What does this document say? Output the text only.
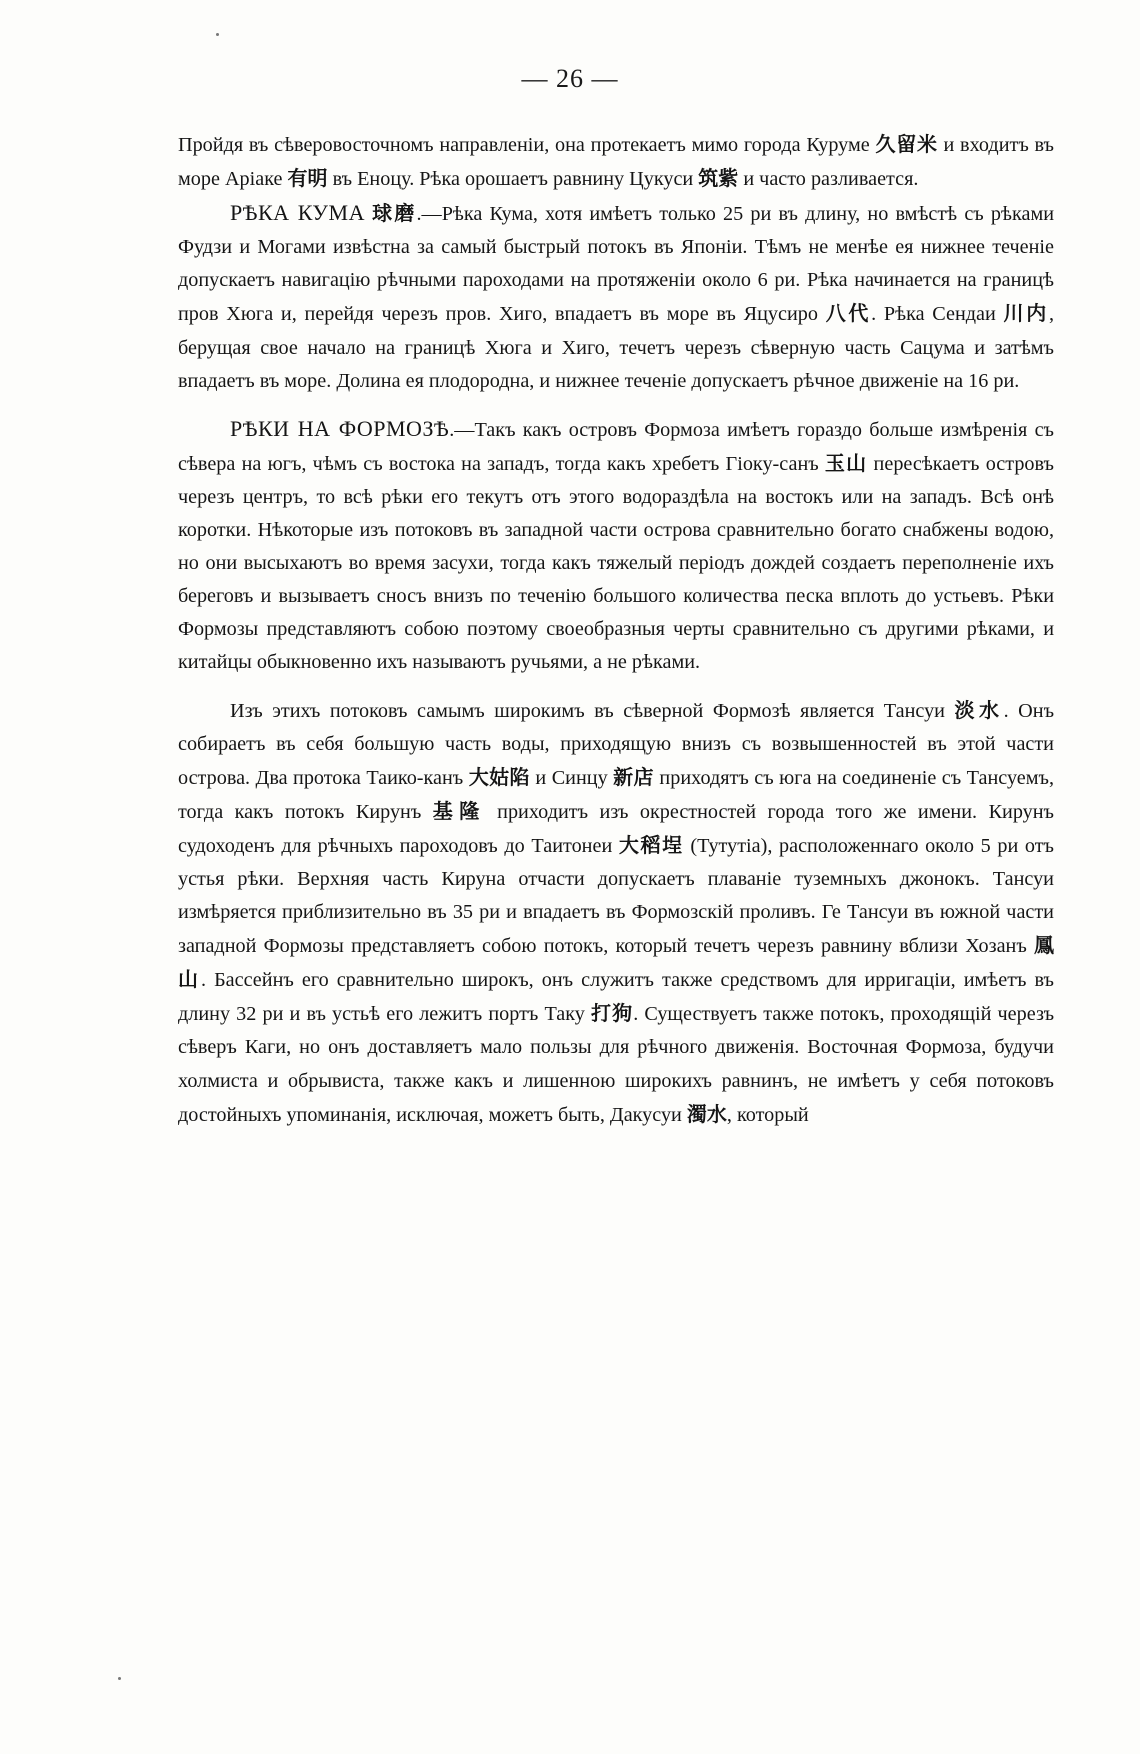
— 26 —

Пройдя въ сѣверовосточномъ направленіи, она протекаетъ мимо города Куруме 久留米 и входитъ въ море Аріаке 有明 въ Еноцу. Рѣка орошаетъ равнину Цукуси 筑紫 и часто разливается.

РѢКА КУМА 球磨.—Рѣка Кума, хотя имѣетъ только 25 ри въ длину, но вмѣстѣ съ рѣками Фудзи и Могами извѣстна за самый быстрый потокъ въ Японіи. Тѣмъ не менѣе ея нижнее теченіе допускаетъ навигацію рѣчными пароходами на протяженіи около 6 ри. Рѣка начинается на границѣ пров Хюга и, перейдя черезъ пров. Хиго, впадаетъ въ море въ Яцусиро 八代. Рѣка Сендаи 川内, берущая свое начало на границѣ Хюга и Хиго, течетъ черезъ сѣверную часть Сацума и затѣмъ впадаетъ въ море. Долина ея плодородна, и нижнее теченіе допускаетъ рѣчное движеніе на 16 ри.

РѢКИ НА ФОРМОЗѢ.—Такъ какъ островъ Формоза имѣетъ гораздо больше измѣренія съ сѣвера на югъ, чѣмъ съ востока на западъ, тогда какъ хребетъ Гіоку-санъ 玉山 пересѣкаетъ островъ черезъ центръ, то всѣ рѣки его текутъ отъ этого водораздѣла на востокъ или на западъ. Всѣ онѣ коротки. Нѣкоторые изъ потоковъ въ западной части острова сравнительно богато снабжены водою, но они высыхаютъ во время засухи, тогда какъ тяжелый періодъ дождей создаетъ переполненіе ихъ береговъ и вызываетъ сносъ внизъ по теченію большого количества песка вплоть до устьевъ. Рѣки Формозы представляютъ собою поэтому своеобразныя черты сравнительно съ другими рѣками, и китайцы обыкновенно ихъ называютъ ручьями, а не рѣками.

Изъ этихъ потоковъ самымъ широкимъ въ сѣверной Формозѣ является Тансуи 淡水. Онъ собираетъ въ себя большую часть воды, приходящую внизъ съ возвышенностей въ этой части острова. Два протока Таико-канъ 大姑陷 и Синцу 新店 приходятъ съ юга на соединеніе съ Тансуемъ, тогда какъ потокъ Кирунъ 基隆 приходитъ изъ окрестностей города того же имени. Кирунъ судоходенъ для рѣчныхъ пароходовъ до Таитонеи 大稻埕 (Тутутіа), расположеннаго около 5 ри отъ устья рѣки. Верхняя часть Кируна отчасти допускаетъ плаваніе туземныхъ джонокъ. Тансуи измѣряется приблизительно въ 35 ри и впадаетъ въ Формозскій проливъ. Ге Тансуи въ южной части западной Формозы представляетъ собою потокъ, который течетъ черезъ равнину вблизи Хозанъ 鳳山. Бассейнъ его сравнительно широкъ, онъ служитъ также средствомъ для ирригаціи, имѣетъ въ длину 32 ри и въ устьѣ его лежитъ портъ Таку 打狗. Существуетъ также потокъ, проходящій черезъ сѣверъ Каги, но онъ доставляетъ мало пользы для рѣчного движенія. Восточная Формоза, будучи холмиста и обрывиста, также какъ и лишенною широкихъ равнинъ, не имѣетъ у себя потоковъ достойныхъ упоминанія, исключая, можетъ быть, Дакусуи 濁水, который
